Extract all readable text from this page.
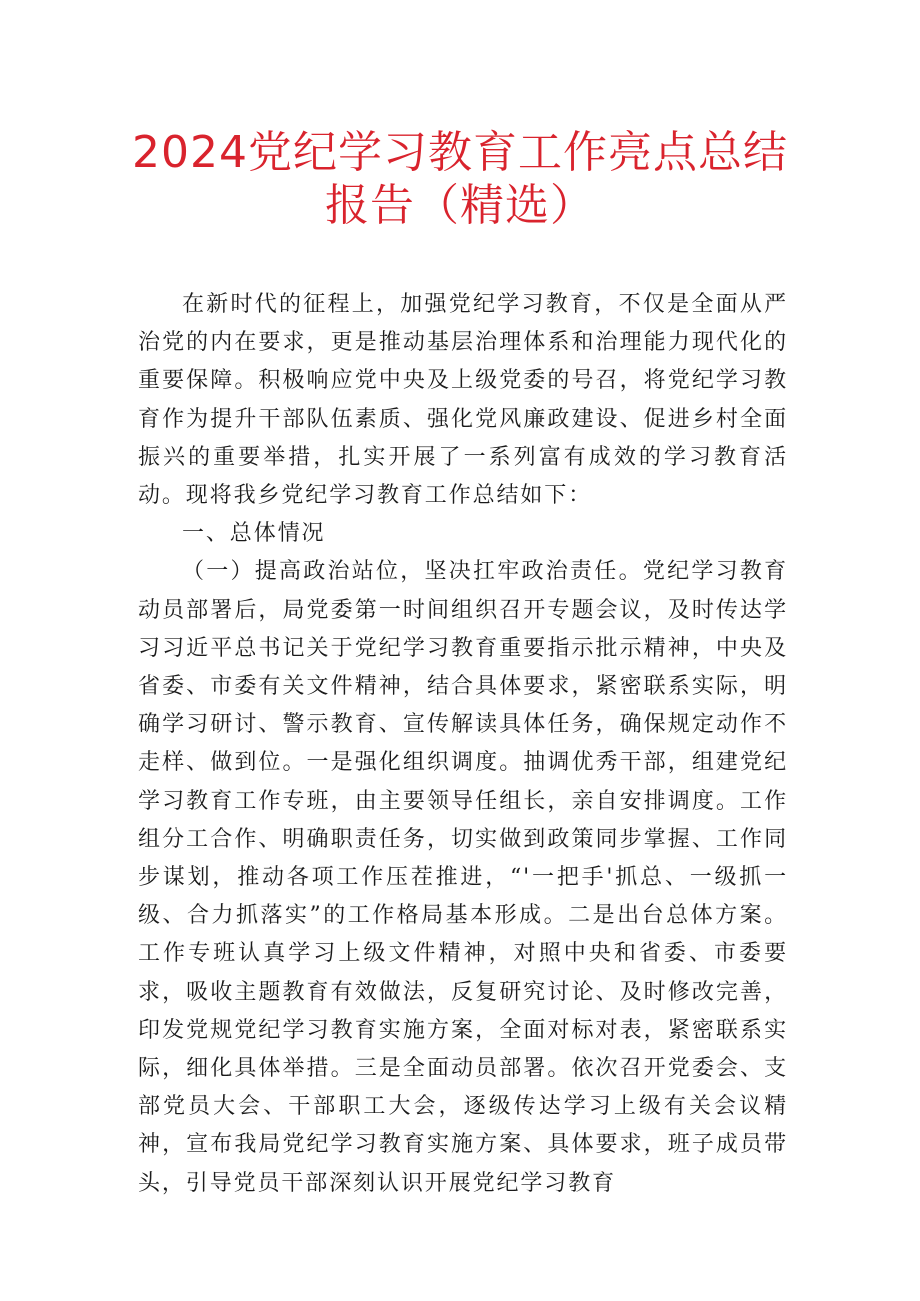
2024党纪学习教育工作亮点总结
报告（精选）

在新时代的征程上，加强党纪学习教育，不仅是全面从严治党的内在要求，更是推动基层治理体系和治理能力现代化的重要保障。积极响应党中央及上级党委的号召，将党纪学习教育作为提升干部队伍素质、强化党风廉政建设、促进乡村全面振兴的重要举措，扎实开展了一系列富有成效的学习教育活动。现将我乡党纪学习教育工作总结如下：

一、总体情况

（一）提高政治站位，坚决扛牢政治责任。党纪学习教育动员部署后，局党委第一时间组织召开专题会议，及时传达学习习近平总书记关于党纪学习教育重要指示批示精神，中央及省委、市委有关文件精神，结合具体要求，紧密联系实际，明确学习研讨、警示教育、宣传解读具体任务，确保规定动作不走样、做到位。一是强化组织调度。抽调优秀干部，组建党纪学习教育工作专班，由主要领导任组长，亲自安排调度。工作组分工合作、明确职责任务，切实做到政策同步掌握、工作同步谋划，推动各项工作压茬推进，“'一把手'抓总、一级抓一级、合力抓落实”的工作格局基本形成。二是出台总体方案。工作专班认真学习上级文件精神，对照中央和省委、市委要求，吸收主题教育有效做法，反复研究讨论、及时修改完善，印发党规党纪学习教育实施方案，全面对标对表，紧密联系实际，细化具体举措。三是全面动员部署。依次召开党委会、支部党员大会、干部职工大会，逐级传达学习上级有关会议精神，宣布我局党纪学习教育实施方案、具体要求，班子成员带头，引导党员干部深刻认识开展党纪学习教育
